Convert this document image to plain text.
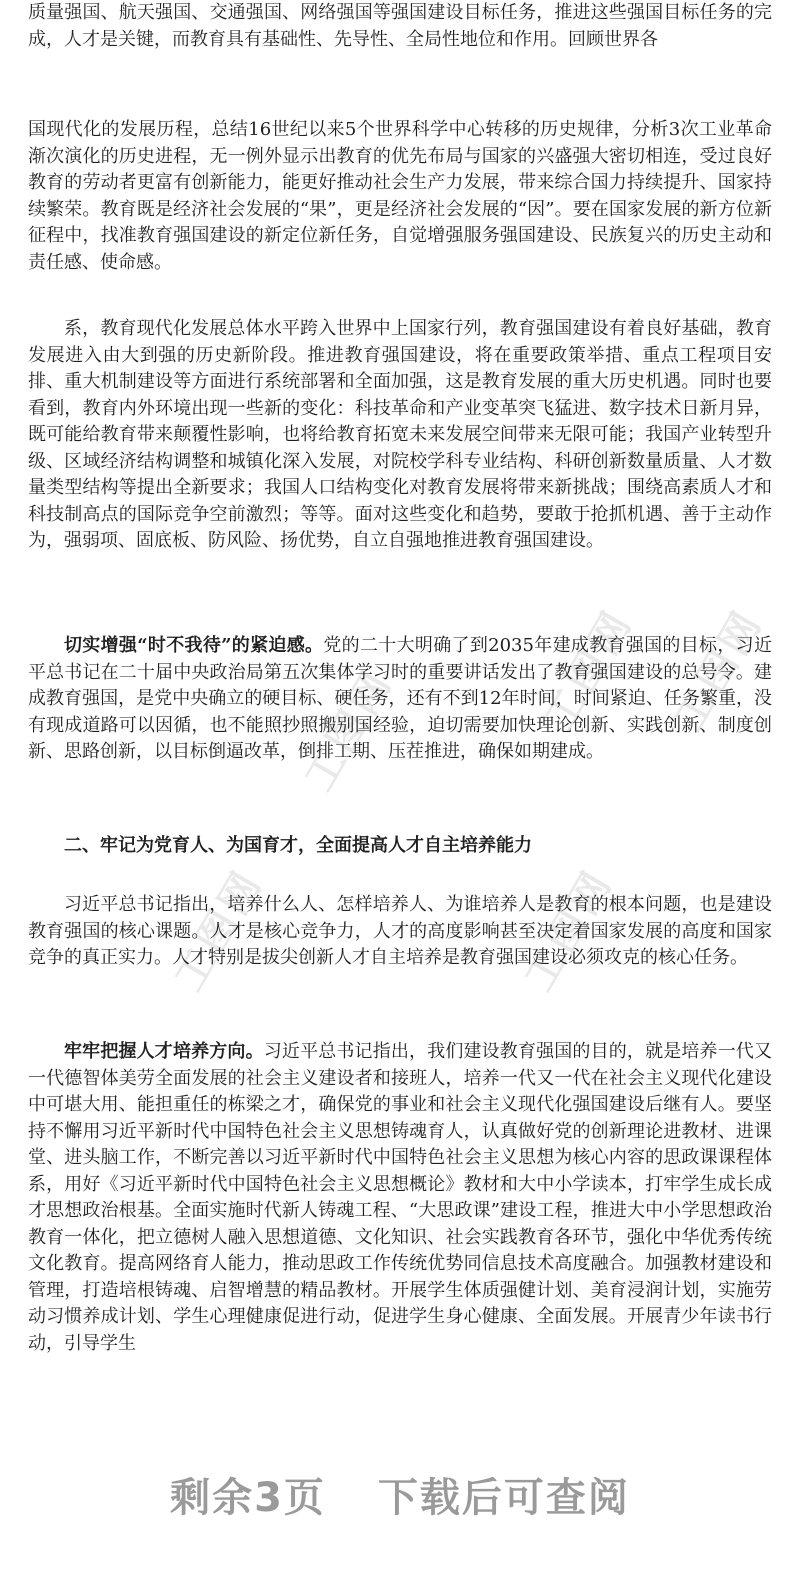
工图网 工图网
工图网
工图网	工图网

质量强国、航天强国、交通强国、网络强国等强国建设目标任务，推进这些强国目标任务的完成，人才是关键，而教育具有基础性、先导性、全局性地位和作用。回顾世界各

国现代化的发展历程，总结16世纪以来5个世界科学中心转移的历史规律，分析3次工业革命渐次演化的历史进程，无一例外显示出教育的优先布局与国家的兴盛强大密切相连，受过良好教育的劳动者更富有创新能力，能更好推动社会生产力发展，带来综合国力持续提升、国家持续繁荣。教育既是经济社会发展的“果”，更是经济社会发展的“因”。要在国家发展的新方位新征程中，找准教育强国建设的新定位新任务，自觉增强服务强国建设、民族复兴的历史主动和责任感、使命感。

系，教育现代化发展总体水平跨入世界中上国家行列，教育强国建设有着良好基础，教育发展进入由大到强的历史新阶段。推进教育强国建设，将在重要政策举措、重点工程项目安排、重大机制建设等方面进行系统部署和全面加强，这是教育发展的重大历史机遇。同时也要看到，教育内外环境出现一些新的变化：科技革命和产业变革突飞猛进、数字技术日新月异，既可能给教育带来颠覆性影响，也将给教育拓宽未来发展空间带来无限可能；我国产业转型升级、区域经济结构调整和城镇化深入发展，对院校学科专业结构、科研创新数量质量、人才数量类型结构等提出全新要求；我国人口结构变化对教育发展将带来新挑战；围绕高素质人才和科技制高点的国际竞争空前激烈；等等。面对这些变化和趋势，要敢于抢抓机遇、善于主动作为，强弱项、固底板、防风险、扬优势，自立自强地推进教育强国建设。

切实增强“时不我待”的紧迫感。党的二十大明确了到2035年建成教育强国的目标，习近平总书记在二十届中央政治局第五次集体学习时的重要讲话发出了教育强国建设的总号令。建成教育强国，是党中央确立的硬目标、硬任务，还有不到12年时间，时间紧迫、任务繁重，没有现成道路可以因循，也不能照抄照搬别国经验，迫切需要加快理论创新、实践创新、制度创新、思路创新，以目标倒逼改革，倒排工期、压茬推进，确保如期建成。

二、牢记为党育人、为国育才，全面提高人才自主培养能力

习近平总书记指出，培养什么人、怎样培养人、为谁培养人是教育的根本问题，也是建设教育强国的核心课题。人才是核心竞争力，人才的高度影响甚至决定着国家发展的高度和国家竞争的真正实力。人才特别是拔尖创新人才自主培养是教育强国建设必须攻克的核心任务。

牢牢把握人才培养方向。习近平总书记指出，我们建设教育强国的目的，就是培养一代又一代德智体美劳全面发展的社会主义建设者和接班人，培养一代又一代在社会主义现代化建设中可堪大用、能担重任的栋梁之才，确保党的事业和社会主义现代化强国建设后继有人。要坚持不懈用习近平新时代中国特色社会主义思想铸魂育人，认真做好党的创新理论进教材、进课堂、进头脑工作，不断完善以习近平新时代中国特色社会主义思想为核心内容的思政课课程体系，用好《习近平新时代中国特色社会主义思想概论》教材和大中小学读本，打牢学生成长成才思想政治根基。全面实施时代新人铸魂工程、“大思政课”建设工程，推进大中小学思想政治教育一体化，把立德树人融入思想道德、文化知识、社会实践教育各环节，强化中华优秀传统文化教育。提高网络育人能力，推动思政工作传统优势同信息技术高度融合。加强教材建设和管理，打造培根铸魂、启智增慧的精品教材。开展学生体质强健计划、美育浸润计划，实施劳动习惯养成计划、学生心理健康促进行动，促进学生身心健康、全面发展。开展青少年读书行动，引导学生

剩余3页 下载后可查阅
